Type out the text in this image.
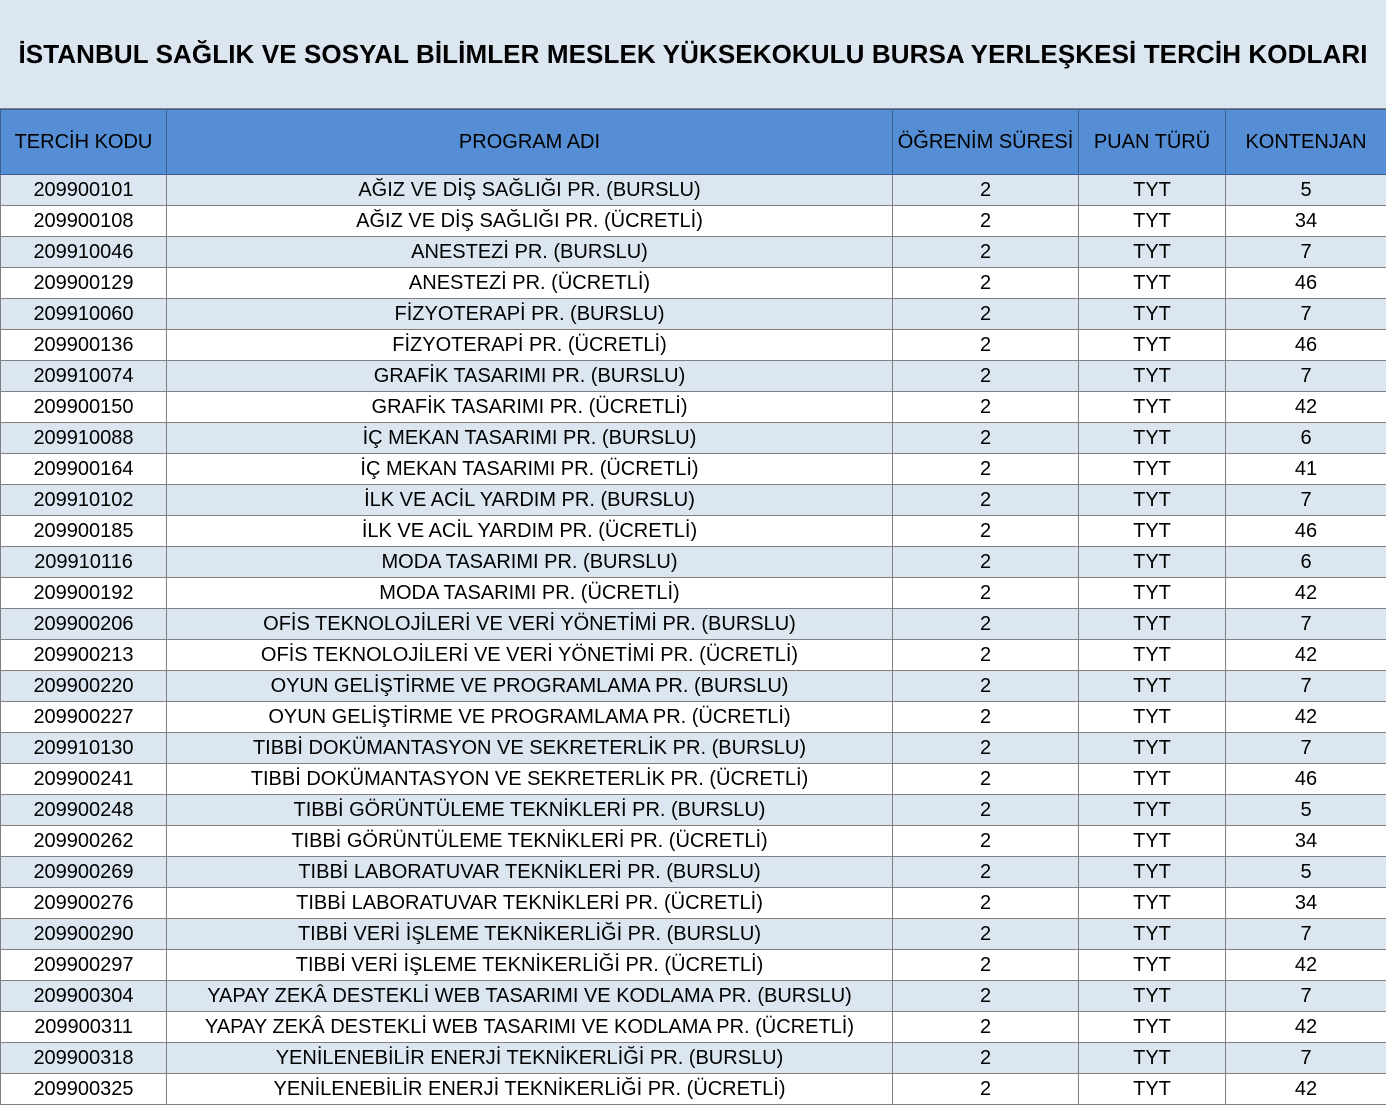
İSTANBUL SAĞLIK VE SOSYAL BİLİMLER MESLEK YÜKSEKOKULU BURSA YERLEŞKESİ TERCİH KODLARI
TERCİH KODU	PROGRAM ADI	ÖĞRENİM SÜRESİ	PUAN TÜRÜ	KONTENJAN
209900101	AĞIZ VE DİŞ SAĞLIĞI PR. (BURSLU)	2	TYT	5
209900108	AĞIZ VE DİŞ SAĞLIĞI PR. (ÜCRETLİ)	2	TYT	34
209910046	ANESTEZİ PR. (BURSLU)	2	TYT	7
209900129	ANESTEZİ PR. (ÜCRETLİ)	2	TYT	46
209910060	FİZYOTERAPİ PR. (BURSLU)	2	TYT	7
209900136	FİZYOTERAPİ PR. (ÜCRETLİ)	2	TYT	46
209910074	GRAFİK TASARIMI PR. (BURSLU)	2	TYT	7
209900150	GRAFİK TASARIMI PR. (ÜCRETLİ)	2	TYT	42
209910088	İÇ MEKAN TASARIMI PR. (BURSLU)	2	TYT	6
209900164	İÇ MEKAN TASARIMI PR. (ÜCRETLİ)	2	TYT	41
209910102	İLK VE ACİL YARDIM PR. (BURSLU)	2	TYT	7
209900185	İLK VE ACİL YARDIM PR. (ÜCRETLİ)	2	TYT	46
209910116	MODA TASARIMI PR. (BURSLU)	2	TYT	6
209900192	MODA TASARIMI PR. (ÜCRETLİ)	2	TYT	42
209900206	OFİS TEKNOLOJİLERİ VE VERİ YÖNETİMİ PR. (BURSLU)	2	TYT	7
209900213	OFİS TEKNOLOJİLERİ VE VERİ YÖNETİMİ PR. (ÜCRETLİ)	2	TYT	42
209900220	OYUN GELİŞTİRME VE PROGRAMLAMA PR. (BURSLU)	2	TYT	7
209900227	OYUN GELİŞTİRME VE PROGRAMLAMA PR. (ÜCRETLİ)	2	TYT	42
209910130	TIBBİ DOKÜMANTASYON VE SEKRETERLİK PR. (BURSLU)	2	TYT	7
209900241	TIBBİ DOKÜMANTASYON VE SEKRETERLİK PR. (ÜCRETLİ)	2	TYT	46
209900248	TIBBİ GÖRÜNTÜLEME TEKNİKLERİ PR. (BURSLU)	2	TYT	5
209900262	TIBBİ GÖRÜNTÜLEME TEKNİKLERİ PR. (ÜCRETLİ)	2	TYT	34
209900269	TIBBİ LABORATUVAR TEKNİKLERİ PR. (BURSLU)	2	TYT	5
209900276	TIBBİ LABORATUVAR TEKNİKLERİ PR. (ÜCRETLİ)	2	TYT	34
209900290	TIBBİ VERİ İŞLEME TEKNİKERLİĞİ PR. (BURSLU)	2	TYT	7
209900297	TIBBİ VERİ İŞLEME TEKNİKERLİĞİ PR. (ÜCRETLİ)	2	TYT	42
209900304	YAPAY ZEKÂ DESTEKLİ WEB TASARIMI VE KODLAMA PR. (BURSLU)	2	TYT	7
209900311	YAPAY ZEKÂ DESTEKLİ WEB TASARIMI VE KODLAMA PR. (ÜCRETLİ)	2	TYT	42
209900318	YENİLENEBİLİR ENERJİ TEKNİKERLİĞİ PR. (BURSLU)	2	TYT	7
209900325	YENİLENEBİLİR ENERJİ TEKNİKERLİĞİ PR. (ÜCRETLİ)	2	TYT	42
